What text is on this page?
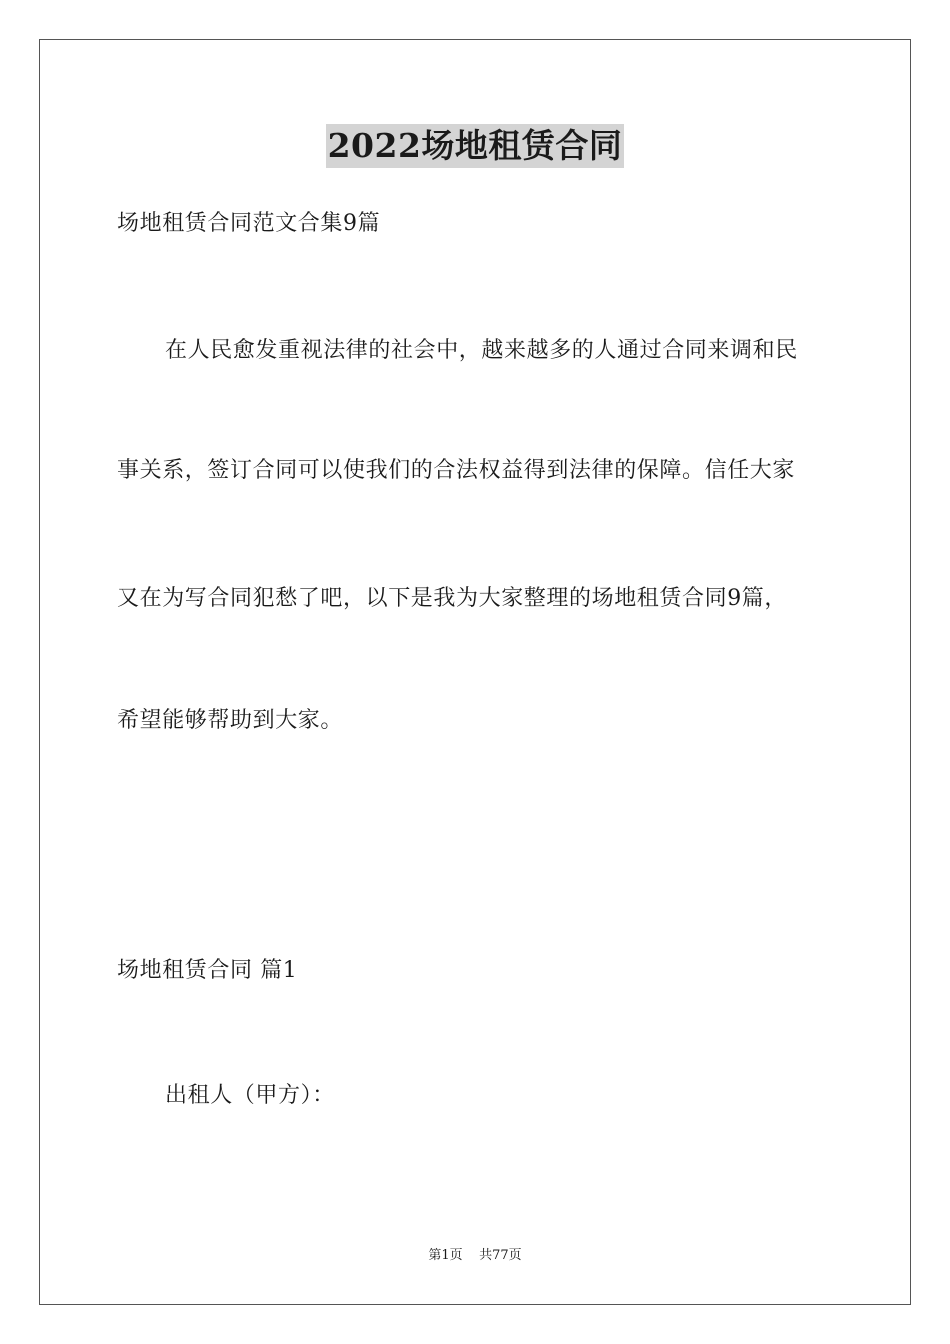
2022场地租赁合同
场地租赁合同范文合集9篇
在人民愈发重视法律的社会中，越来越多的人通过合同来调和民
事关系，签订合同可以使我们的合法权益得到法律的保障。信任大家
又在为写合同犯愁了吧，以下是我为大家整理的场地租赁合同9篇，
希望能够帮助到大家。
场地租赁合同 篇1
出租人（甲方）：
第1页    共77页
